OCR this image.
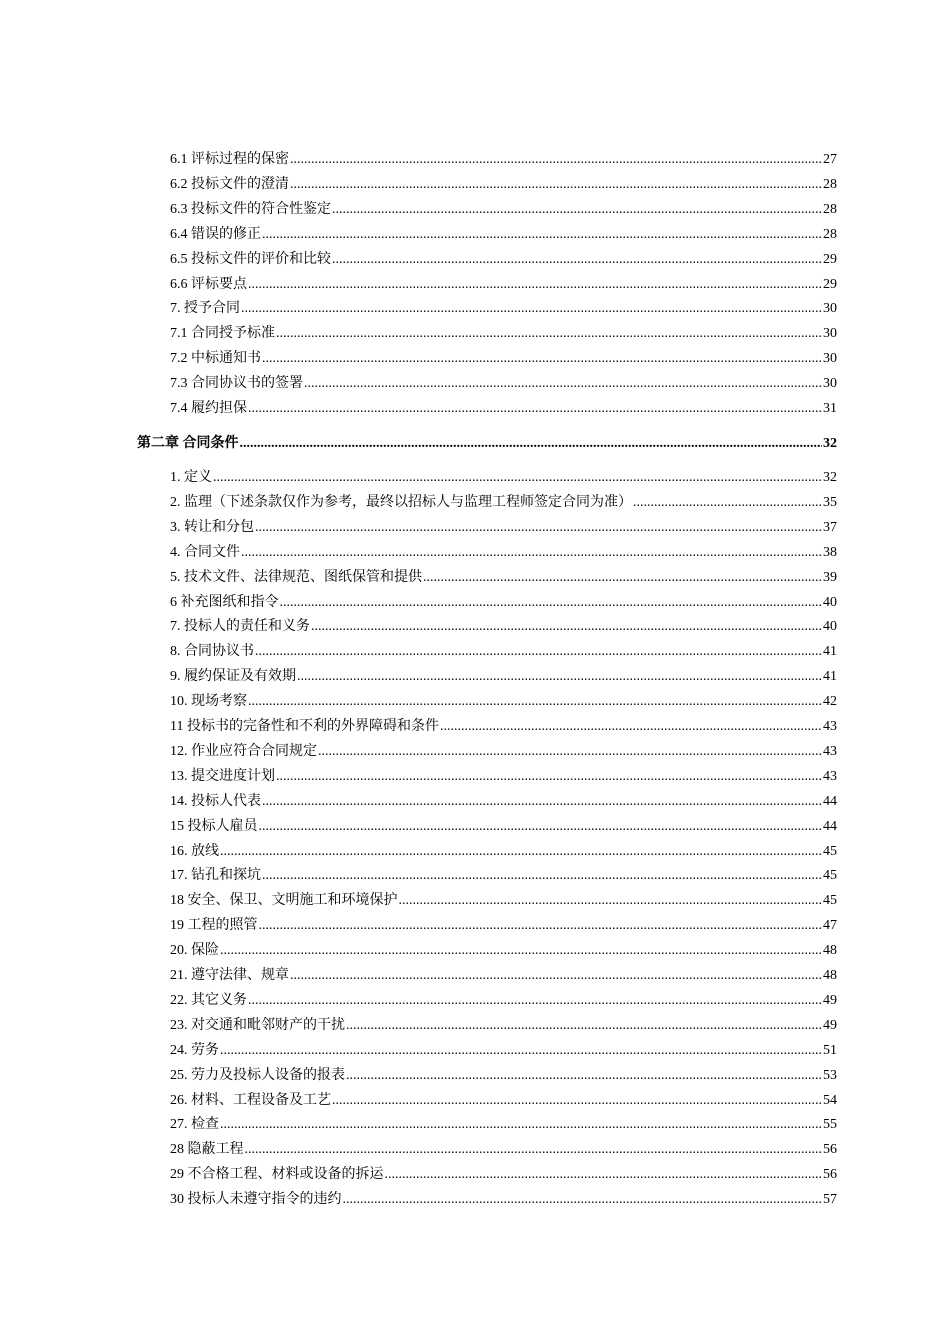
6.1 评标过程的保密 .....	27
6.2 投标文件的澄清 .....	28
6.3 投标文件的符合性鉴定 .....	28
6.4 错误的修正 .....	28
6.5 投标文件的评价和比较 .....	29
6.6 评标要点 .....	29
7. 授予合同 .....	30
7.1 合同授予标准 .....	30
7.2 中标通知书 .....	30
7.3 合同协议书的签署 .....	30
7.4 履约担保 .....	31
第二章 合同条件 .....	32
1. 定义 .....	32
2. 监理（下述条款仅作为参考，最终以招标人与监理工程师签定合同为准） .....	35
3. 转让和分包 .....	37
4. 合同文件 .....	38
5. 技术文件、法律规范、图纸保管和提供 .....	39
6 补充图纸和指令 .....	40
7. 投标人的责任和义务 .....	40
8. 合同协议书 .....	41
9. 履约保证及有效期 .....	41
10. 现场考察 .....	42
11 投标书的完备性和不利的外界障碍和条件 .....	43
12. 作业应符合合同规定 .....	43
13. 提交进度计划 .....	43
14. 投标人代表 .....	44
15 投标人雇员 .....	44
16. 放线 .....	45
17. 钻孔和探坑 .....	45
18 安全、保卫、文明施工和环境保护 .....	45
19 工程的照管 .....	47
20. 保险 .....	48
21. 遵守法律、规章 .....	48
22. 其它义务 .....	49
23. 对交通和毗邻财产的干扰 .....	49
24. 劳务 .....	51
25. 劳力及投标人设备的报表 .....	53
26. 材料、工程设备及工艺 .....	54
27. 检查 .....	55
28 隐蔽工程 .....	56
29 不合格工程、材料或设备的拆运 .....	56
30 投标人未遵守指令的违约 .....	57
